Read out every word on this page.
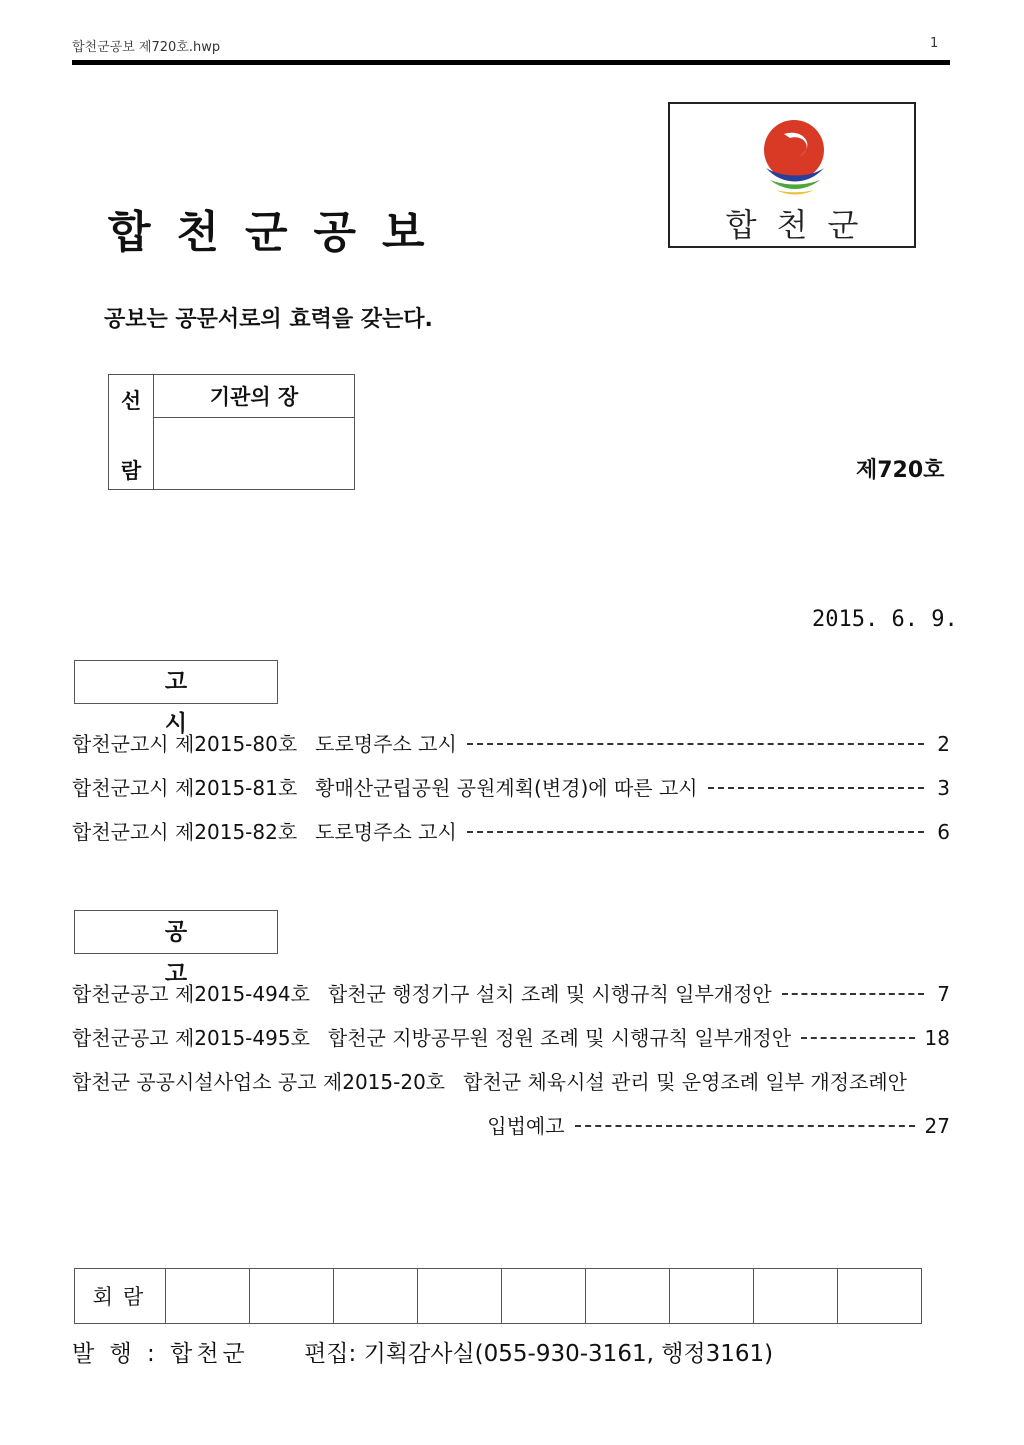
합천군공보 제720호.hwp	1
합천군공보	합천군
공보는 공문서로의 효력을 갖는다.
선
람
	기관의 장

제720호
2015. 6. 9.
고 시
합천군고시 제2015-80호 도로명주소 고시	2
합천군고시 제2015-81호 황매산군립공원 공원계획(변경)에 따른 고시	3
합천군고시 제2015-82호 도로명주소 고시	6
공 고
합천군공고 제2015-494호 합천군 행정기구 설치 조례 및 시행규칙 일부개정안	7
합천군공고 제2015-495호 합천군 지방공무원 정원 조례 및 시행규칙 일부개정안	18
합천군 공공시설사업소 공고 제2015-20호 합천군 체육시설 관리 및 운영조례 일부 개정조례안
입법예고	27
회람									
발 행 : 합천군 편집: 기획감사실(055-930-3161, 행정3161)
